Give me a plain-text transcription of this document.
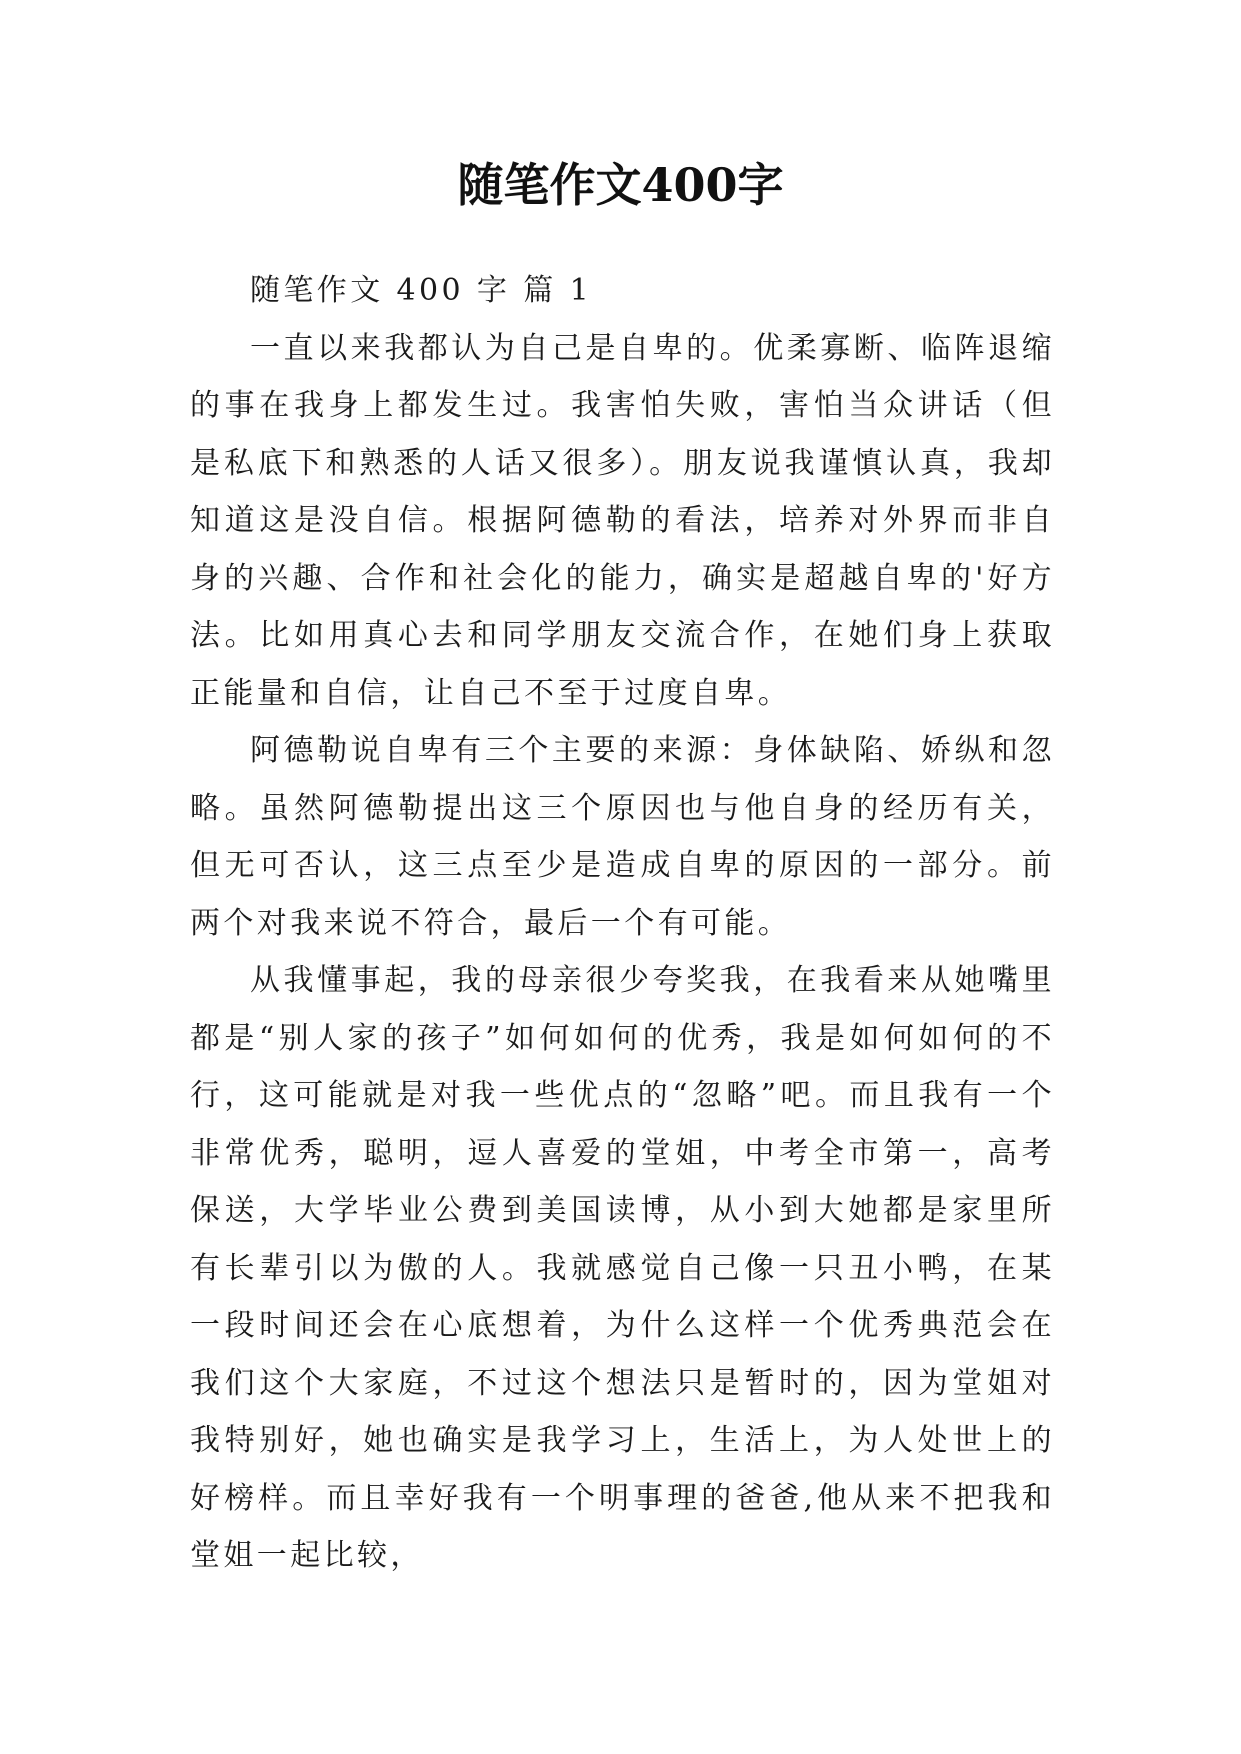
随笔作文400字

随笔作文 400 字 篇 1

一直以来我都认为自己是自卑的。优柔寡断、临阵退缩的事在我身上都发生过。我害怕失败，害怕当众讲话（但是私底下和熟悉的人话又很多）。朋友说我谨慎认真，我却知道这是没自信。根据阿德勒的看法，培养对外界而非自身的兴趣、合作和社会化的能力，确实是超越自卑的'好方法。比如用真心去和同学朋友交流合作，在她们身上获取正能量和自信，让自己不至于过度自卑。

阿德勒说自卑有三个主要的来源：身体缺陷、娇纵和忽略。虽然阿德勒提出这三个原因也与他自身的经历有关，但无可否认，这三点至少是造成自卑的原因的一部分。前两个对我来说不符合，最后一个有可能。

从我懂事起，我的母亲很少夸奖我，在我看来从她嘴里都是“别人家的孩子”如何如何的优秀，我是如何如何的不行，这可能就是对我一些优点的“忽略”吧。而且我有一个非常优秀，聪明，逗人喜爱的堂姐，中考全市第一，高考保送，大学毕业公费到美国读博，从小到大她都是家里所有长辈引以为傲的人。我就感觉自己像一只丑小鸭，在某一段时间还会在心底想着，为什么这样一个优秀典范会在我们这个大家庭，不过这个想法只是暂时的，因为堂姐对我特别好，她也确实是我学习上，生活上，为人处世上的好榜样。而且幸好我有一个明事理的爸爸,他从来不把我和堂姐一起比较，
